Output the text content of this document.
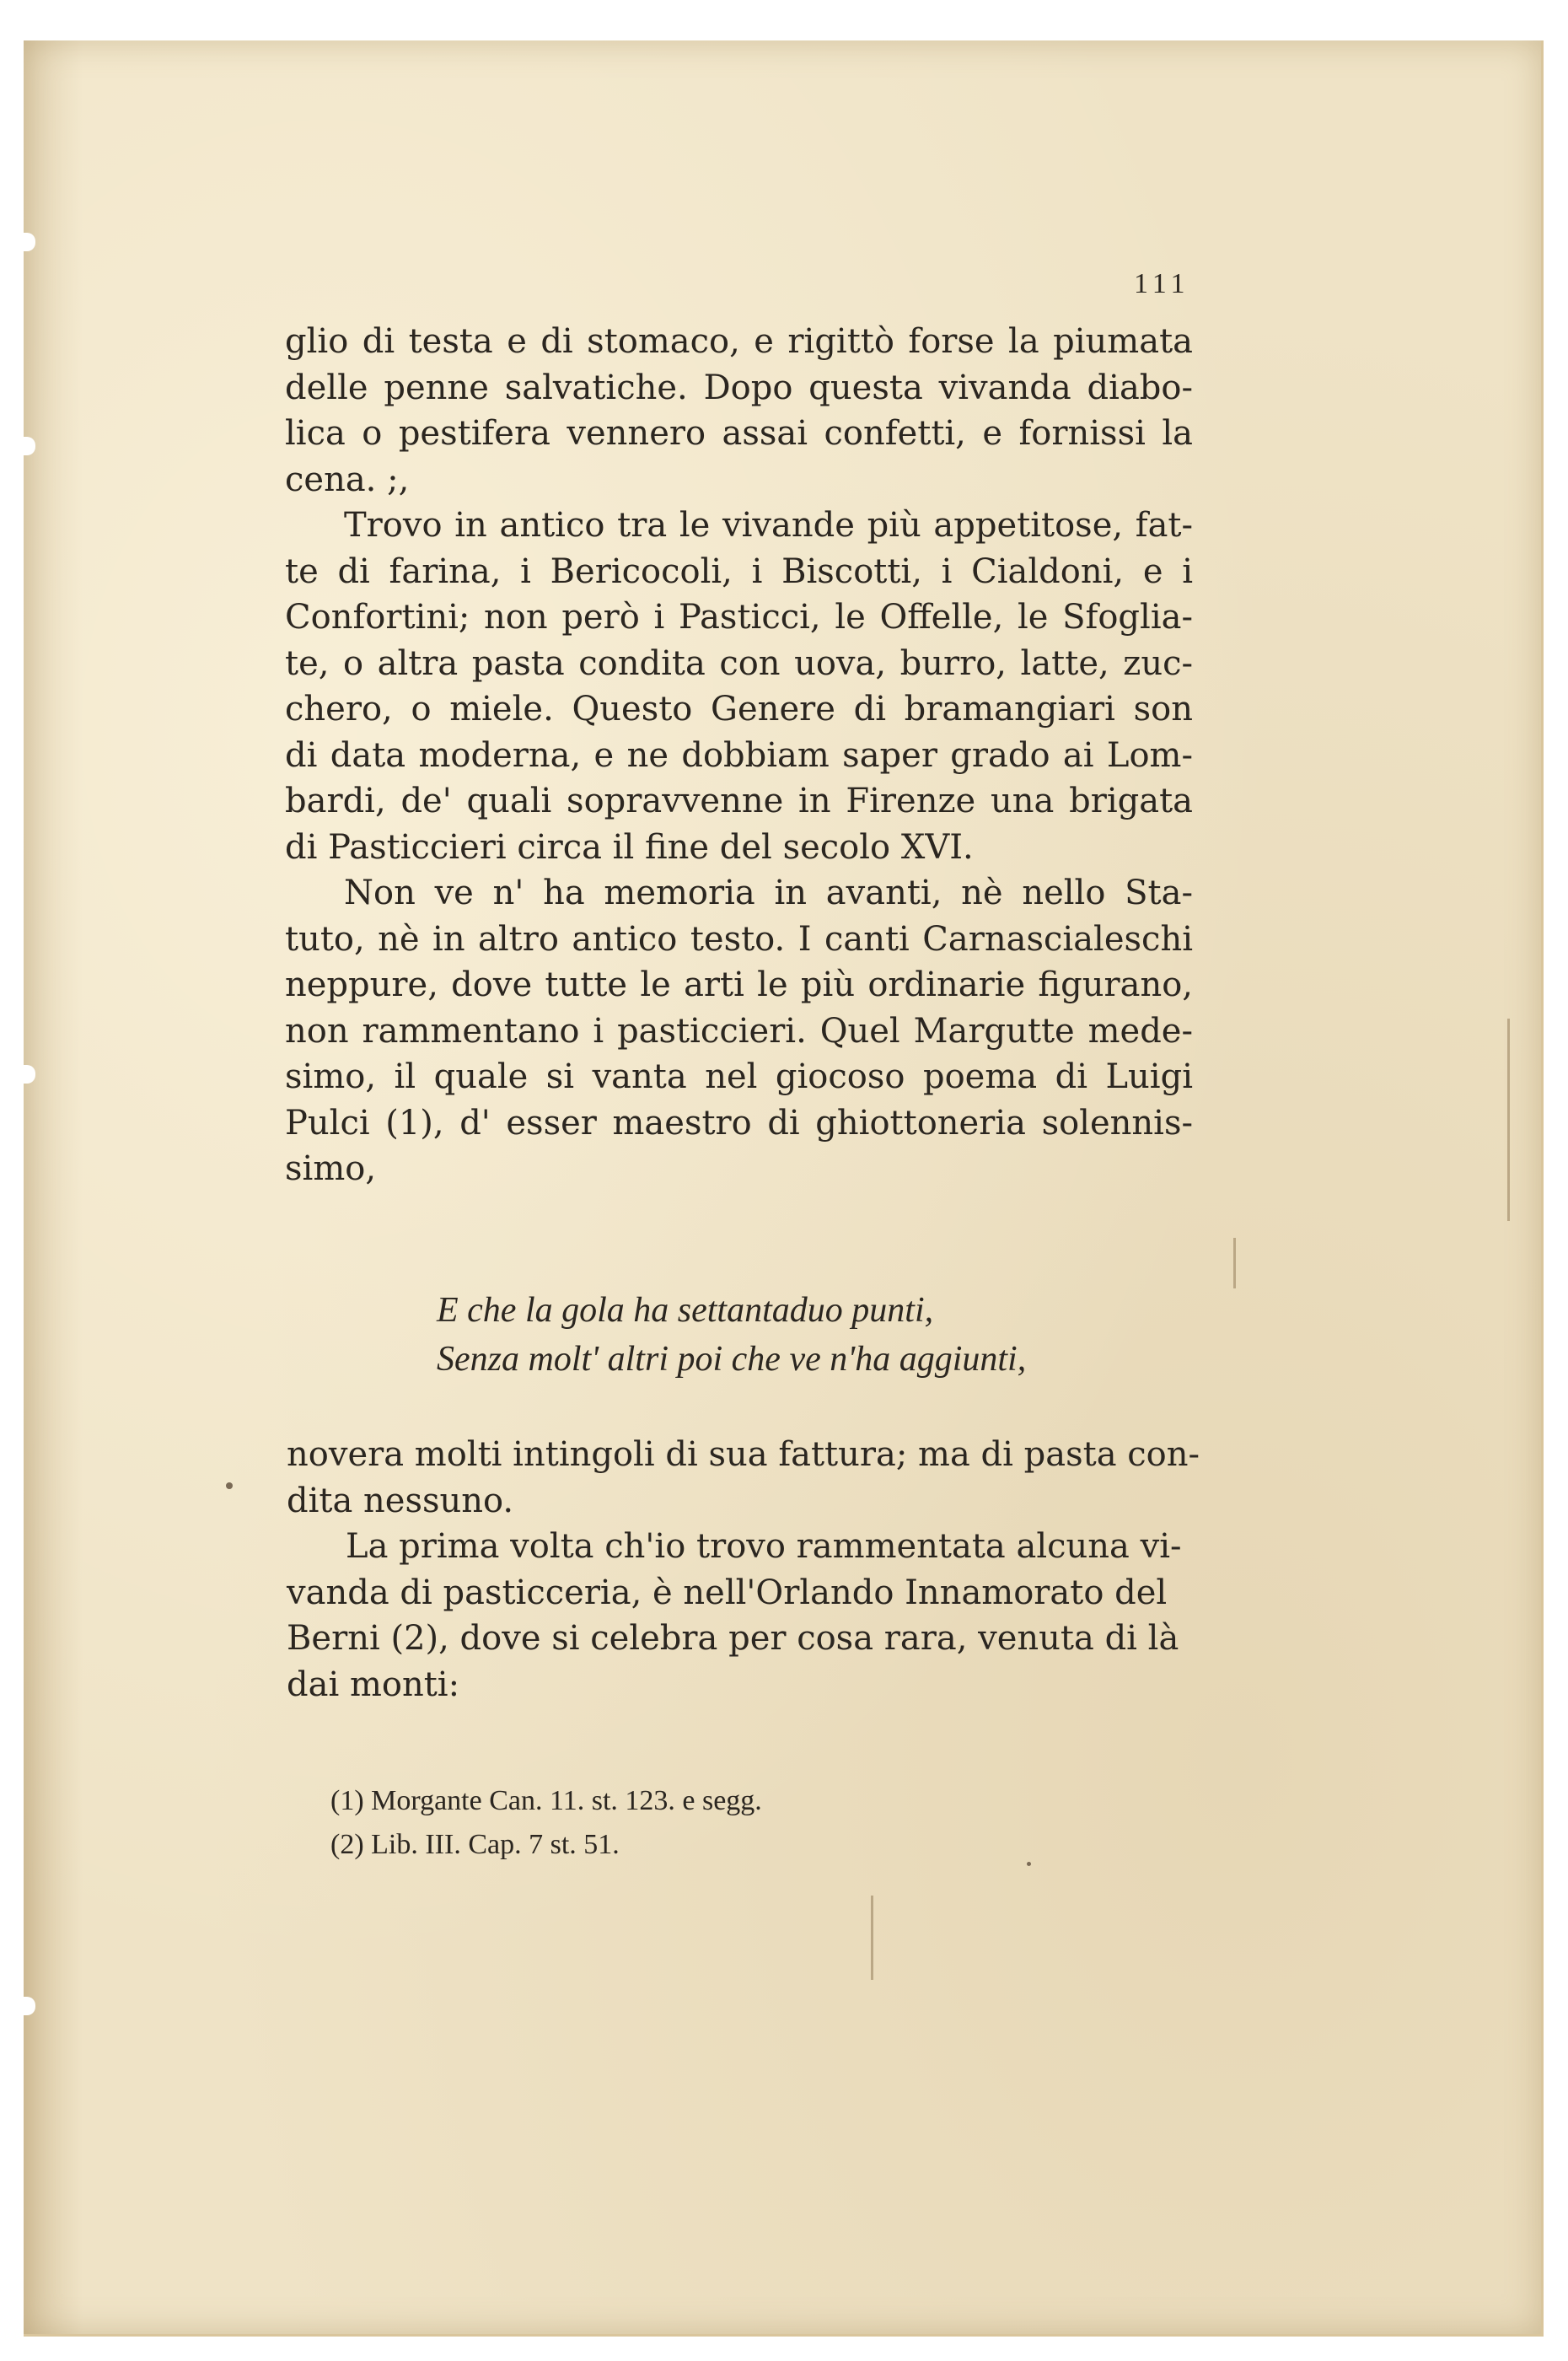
111
glio di testa e di stomaco, e rigittò forse la piumata
delle penne salvatiche. Dopo questa vivanda diabo-
lica o pestifera vennero assai confetti, e fornissi la
cena. ;,
Trovo in antico tra le vivande più appetitose, fat-
te di farina, i Bericocoli, i Biscotti, i Cialdoni, e i
Confortini; non però i Pasticci, le Offelle, le Sfoglia-
te, o altra pasta condita con uova, burro, latte, zuc-
chero, o miele. Questo Genere di bramangiari son
di data moderna, e ne dobbiam saper grado ai Lom-
bardi, de' quali sopravvenne in Firenze una brigata
di Pasticcieri circa il fine del secolo XVI.
Non ve n' ha memoria in avanti, nè nello Sta-
tuto, nè in altro antico testo. I canti Carnascialeschi
neppure, dove tutte le arti le più ordinarie figurano,
non rammentano i pasticcieri. Quel Margutte mede-
simo, il quale si vanta nel giocoso poema di Luigi
Pulci (1), d' esser maestro di ghiottoneria solennis-
simo,
E che la gola ha settantaduo punti,
Senza molt' altri poi che ve n'ha aggiunti,
novera molti intingoli di sua fattura; ma di pasta con-
dita nessuno.
La prima volta ch'io trovo rammentata alcuna vi-
vanda di pasticceria, è nell'Orlando Innamorato del
Berni (2), dove si celebra per cosa rara, venuta di là
dai monti:
(1) Morgante Can. 11. st. 123. e segg.
(2) Lib. III. Cap. 7 st. 51.
